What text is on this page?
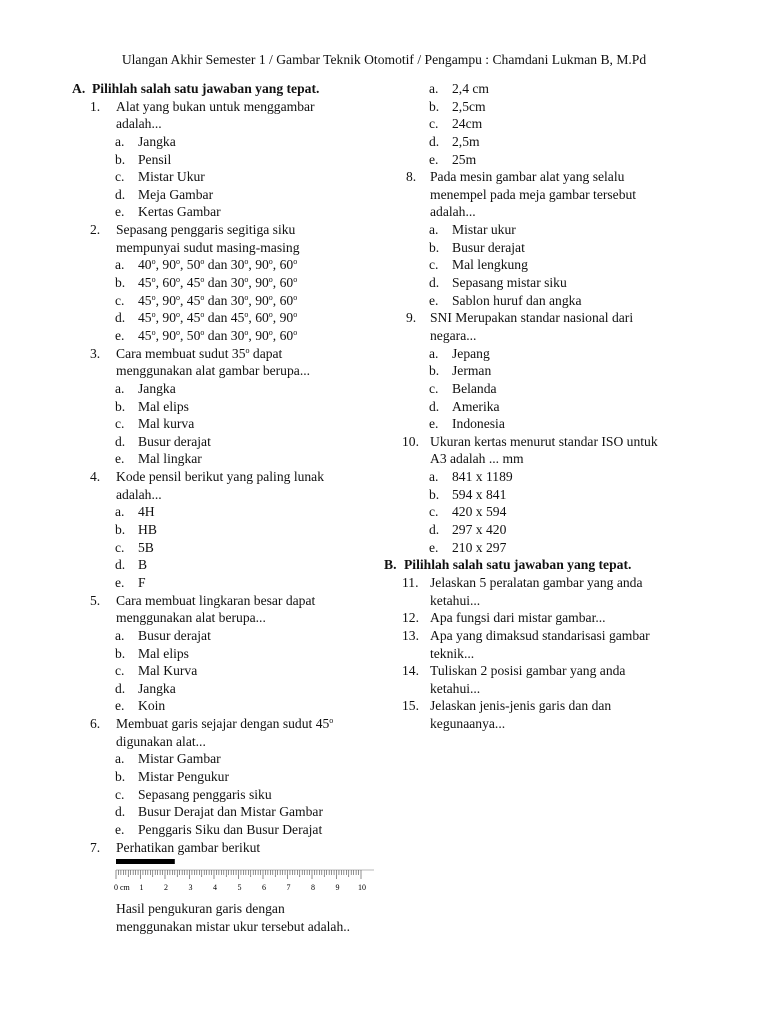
Ulangan Akhir Semester 1 / Gambar Teknik Otomotif / Pengampu : Chamdani Lukman B, M.Pd
A. Pilihlah salah satu jawaban yang tepat.
1. Alat yang bukan untuk menggambar
adalah...
a. Jangka
b. Pensil
c. Mistar Ukur
d. Meja Gambar
e. Kertas Gambar
2. Sepasang penggaris segitiga siku
mempunyai sudut masing-masing
a. 40$^o$, 90$^o$, 50$^o$ dan 30$^o$, 90$^o$, 60$^o$
b. 45$^o$, 60$^o$, 45$^o$ dan 30$^o$, 90$^o$, 60$^o$
c. 45$^o$, 90$^o$, 45$^o$ dan 30$^o$, 90$^o$, 60$^o$
d. 45$^o$, 90$^o$, 45$^o$ dan 45$^o$, 60$^o$, 90$^o$
e. 45$^o$, 90$^o$, 50$^o$ dan 30$^o$, 90$^o$, 60$^o$
3. Cara membuat sudut 35$^o$ dapat
menggunakan alat gambar berupa...
a. Jangka
b. Mal elips
c. Mal kurva
d. Busur derajat
e. Mal lingkar
4. Kode pensil berikut yang paling lunak
adalah...
a. 4H
b. HB
c. 5B
d. B
e. F
5. Cara membuat lingkaran besar dapat
menggunakan alat berupa...
a. Busur derajat
b. Mal elips
c. Mal Kurva
d. Jangka
e. Koin
6. Membuat garis sejajar dengan sudut 45$^o$
digunakan alat...
a. Mistar Gambar
b. Mistar Pengukur
c. Sepasang penggaris siku
d. Busur Derajat dan Mistar Gambar
e. Penggaris Siku dan Busur Derajat
7. Perhatikan gambar berikut
0 cm 1	2	3	4	5	6	7	8	9 10
Hasil pengukuran garis dengan
menggunakan mistar ukur tersebut adalah..
a. 2,4 cm
b. 2,5cm
c. 24cm
d. 2,5m
e. 25m
8. Pada mesin gambar alat yang selalu
menempel pada meja gambar tersebut
adalah...
a. Mistar ukur
b. Busur derajat
c. Mal lengkung
d. Sepasang mistar siku
e. Sablon huruf dan angka
9. SNI Merupakan standar nasional dari
negara...
a. Jepang
b. Jerman
c. Belanda
d. Amerika
e. Indonesia
10. Ukuran kertas menurut standar ISO untuk
A3 adalah ... mm
a. 841 x 1189
b. 594 x 841
c. 420 x 594
d. 297 x 420
e. 210 x 297
B. Pilihlah salah satu jawaban yang tepat.
11. Jelaskan 5 peralatan gambar yang anda
ketahui...
12. Apa fungsi dari mistar gambar...
13. Apa yang dimaksud standarisasi gambar
teknik...
14. Tuliskan 2 posisi gambar yang anda
ketahui...
15. Jelaskan jenis-jenis garis dan dan
kegunaanya...
